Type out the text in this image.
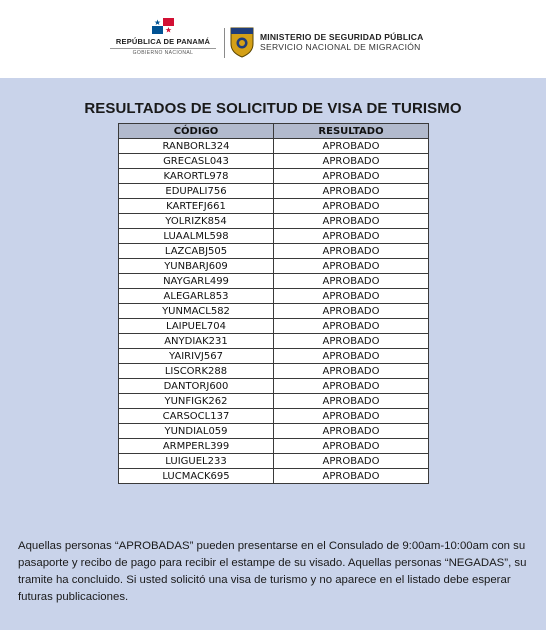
REPÚBLICA DE PANAMÁ
GOBIERNO NACIONAL
MINISTERIO DE SEGURIDAD PÚBLICA
SERVICIO NACIONAL DE MIGRACIÓN
RESULTADOS DE SOLICITUD DE VISA DE TURISMO
CÓDIGO	RESULTADO
RANBORL324	APROBADO
GRECASL043	APROBADO
KARORTL978	APROBADO
EDUPALI756	APROBADO
KARTEFJ661	APROBADO
YOLRIZK854	APROBADO
LUAALML598	APROBADO
LAZCABJ505	APROBADO
YUNBARJ609	APROBADO
NAYGARL499	APROBADO
ALEGARL853	APROBADO
YUNMACL582	APROBADO
LAIPUEL704	APROBADO
ANYDIAK231	APROBADO
YAIRIVJ567	APROBADO
LISCORK288	APROBADO
DANTORJ600	APROBADO
YUNFIGK262	APROBADO
CARSOCL137	APROBADO
YUNDIAL059	APROBADO
ARMPERL399	APROBADO
LUIGUEL233	APROBADO
LUCMACK695	APROBADO
Aquellas personas “APROBADAS” pueden presentarse en el Consulado de 9:00am-10:00am con su pasaporte y recibo de pago para recibir el estampe de su visado. Aquellas personas “NEGADAS”, su tramite ha concluido. Si usted solicitó una visa de turismo y no aparece en el listado debe esperar futuras publicaciones.
